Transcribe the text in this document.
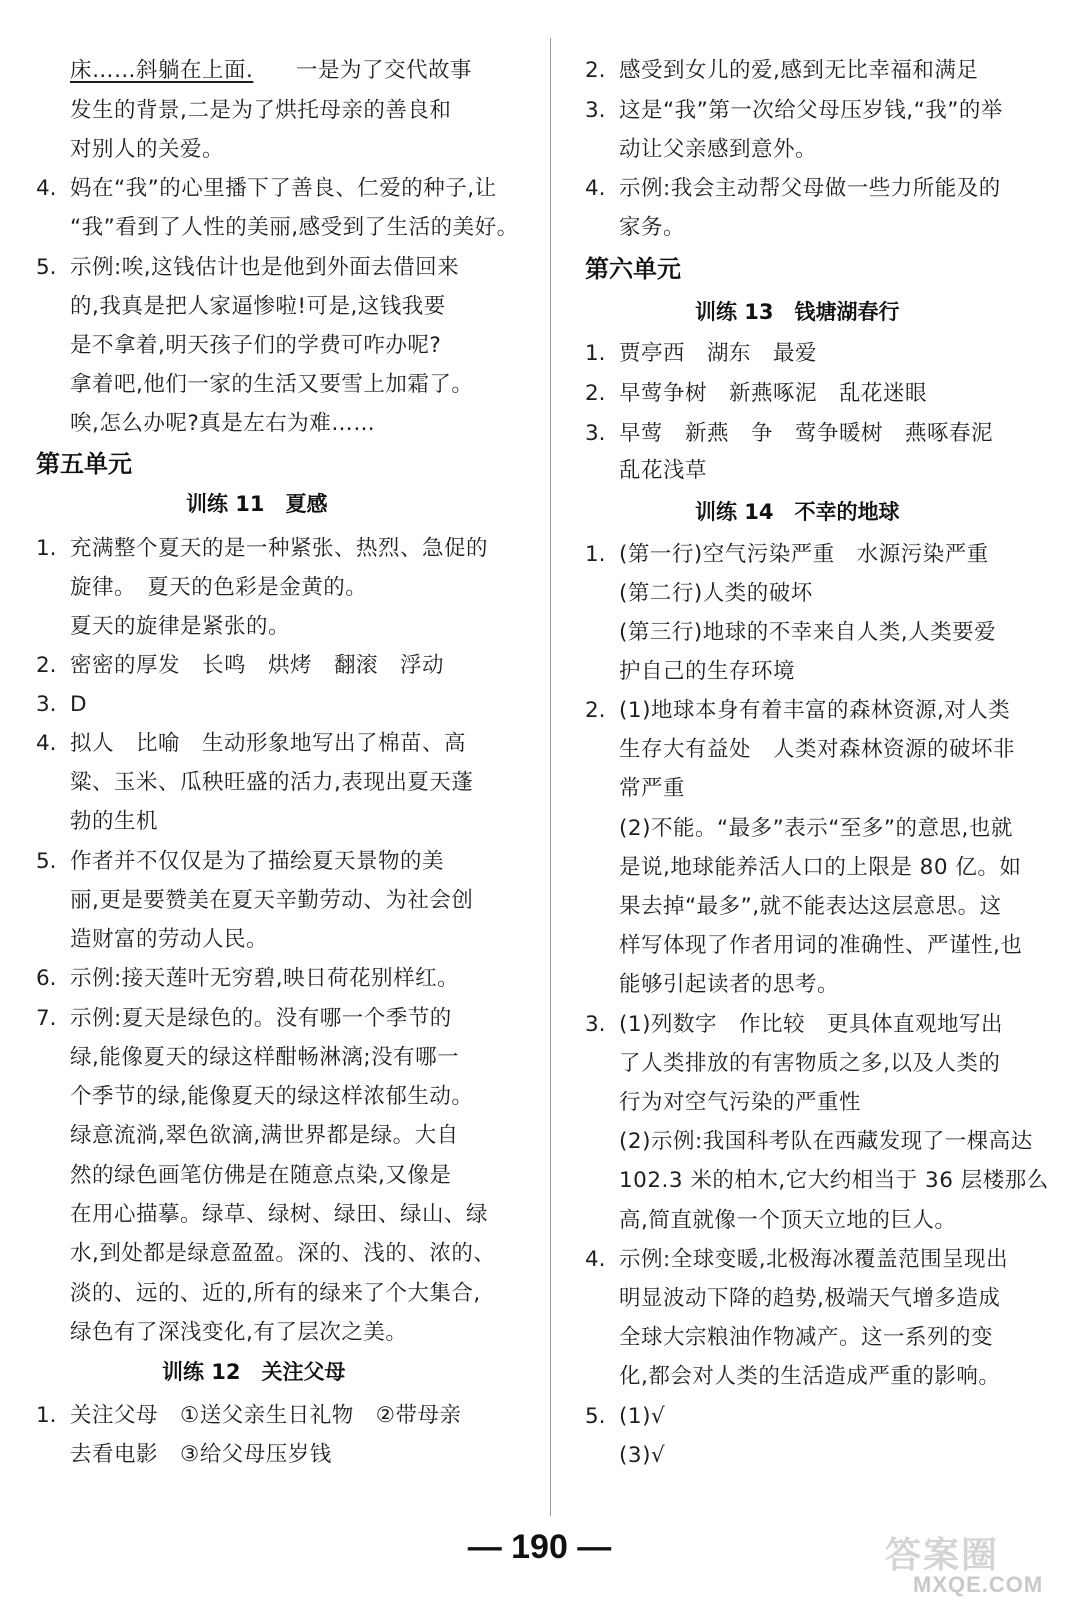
床……斜躺在上面. 一是为了交代故事
发生的背景,二是为了烘托母亲的善良和
对别人的关爱。
4. 妈在“我”的心里播下了善良、仁爱的种子,让
“我”看到了人性的美丽,感受到了生活的美好。
5. 示例:唉,这钱估计也是他到外面去借回来
的,我真是把人家逼惨啦!可是,这钱我要
是不拿着,明天孩子们的学费可咋办呢?
拿着吧,他们一家的生活又要雪上加霜了。
唉,怎么办呢?真是左右为难……
第五单元
训练 11　夏感
1. 充满整个夏天的是一种紧张、热烈、急促的
旋律。　夏天的色彩是金黄的。
夏天的旋律是紧张的。
2. 密密的厚发　长鸣　烘烤　翻滚　浮动
3. D
4. 拟人　比喻　生动形象地写出了棉苗、高
粱、玉米、瓜秧旺盛的活力,表现出夏天蓬
勃的生机
5. 作者并不仅仅是为了描绘夏天景物的美
丽,更是要赞美在夏天辛勤劳动、为社会创
造财富的劳动人民。
6. 示例:接天莲叶无穷碧,映日荷花别样红。
7. 示例:夏天是绿色的。没有哪一个季节的
绿,能像夏天的绿这样酣畅淋漓;没有哪一
个季节的绿,能像夏天的绿这样浓郁生动。
绿意流淌,翠色欲滴,满世界都是绿。大自
然的绿色画笔仿佛是在随意点染,又像是
在用心描摹。绿草、绿树、绿田、绿山、绿
水,到处都是绿意盈盈。深的、浅的、浓的、
淡的、远的、近的,所有的绿来了个大集合,
绿色有了深浅变化,有了层次之美。
训练 12　关注父母
1. 关注父母　①送父亲生日礼物　②带母亲
去看电影　③给父母压岁钱
2. 感受到女儿的爱,感到无比幸福和满足
3. 这是“我”第一次给父母压岁钱,“我”的举
动让父亲感到意外。
4. 示例:我会主动帮父母做一些力所能及的
家务。
第六单元
训练 13　钱塘湖春行
1. 贾亭西　湖东　最爱
2. 早莺争树　新燕啄泥　乱花迷眼
3. 早莺　新燕　争　莺争暖树　燕啄春泥
乱花浅草
训练 14　不幸的地球
1. (第一行)空气污染严重　水源污染严重
(第二行)人类的破坏
(第三行)地球的不幸来自人类,人类要爱
护自己的生存环境
2. (1)地球本身有着丰富的森林资源,对人类
生存大有益处　人类对森林资源的破坏非
常严重
(2)不能。“最多”表示“至多”的意思,也就
是说,地球能养活人口的上限是 80 亿。如
果去掉“最多”,就不能表达这层意思。这
样写体现了作者用词的准确性、严谨性,也
能够引起读者的思考。
3. (1)列数字　作比较　更具体直观地写出
了人类排放的有害物质之多,以及人类的
行为对空气污染的严重性
(2)示例:我国科考队在西藏发现了一棵高达
102.3 米的柏木,它大约相当于 36 层楼那么
高,简直就像一个顶天立地的巨人。
4. 示例:全球变暖,北极海冰覆盖范围呈现出
明显波动下降的趋势,极端天气增多造成
全球大宗粮油作物减产。这一系列的变
化,都会对人类的生活造成严重的影响。
5. (1)√
(3)√
— 190 —	答案圈
MXQE.COM
